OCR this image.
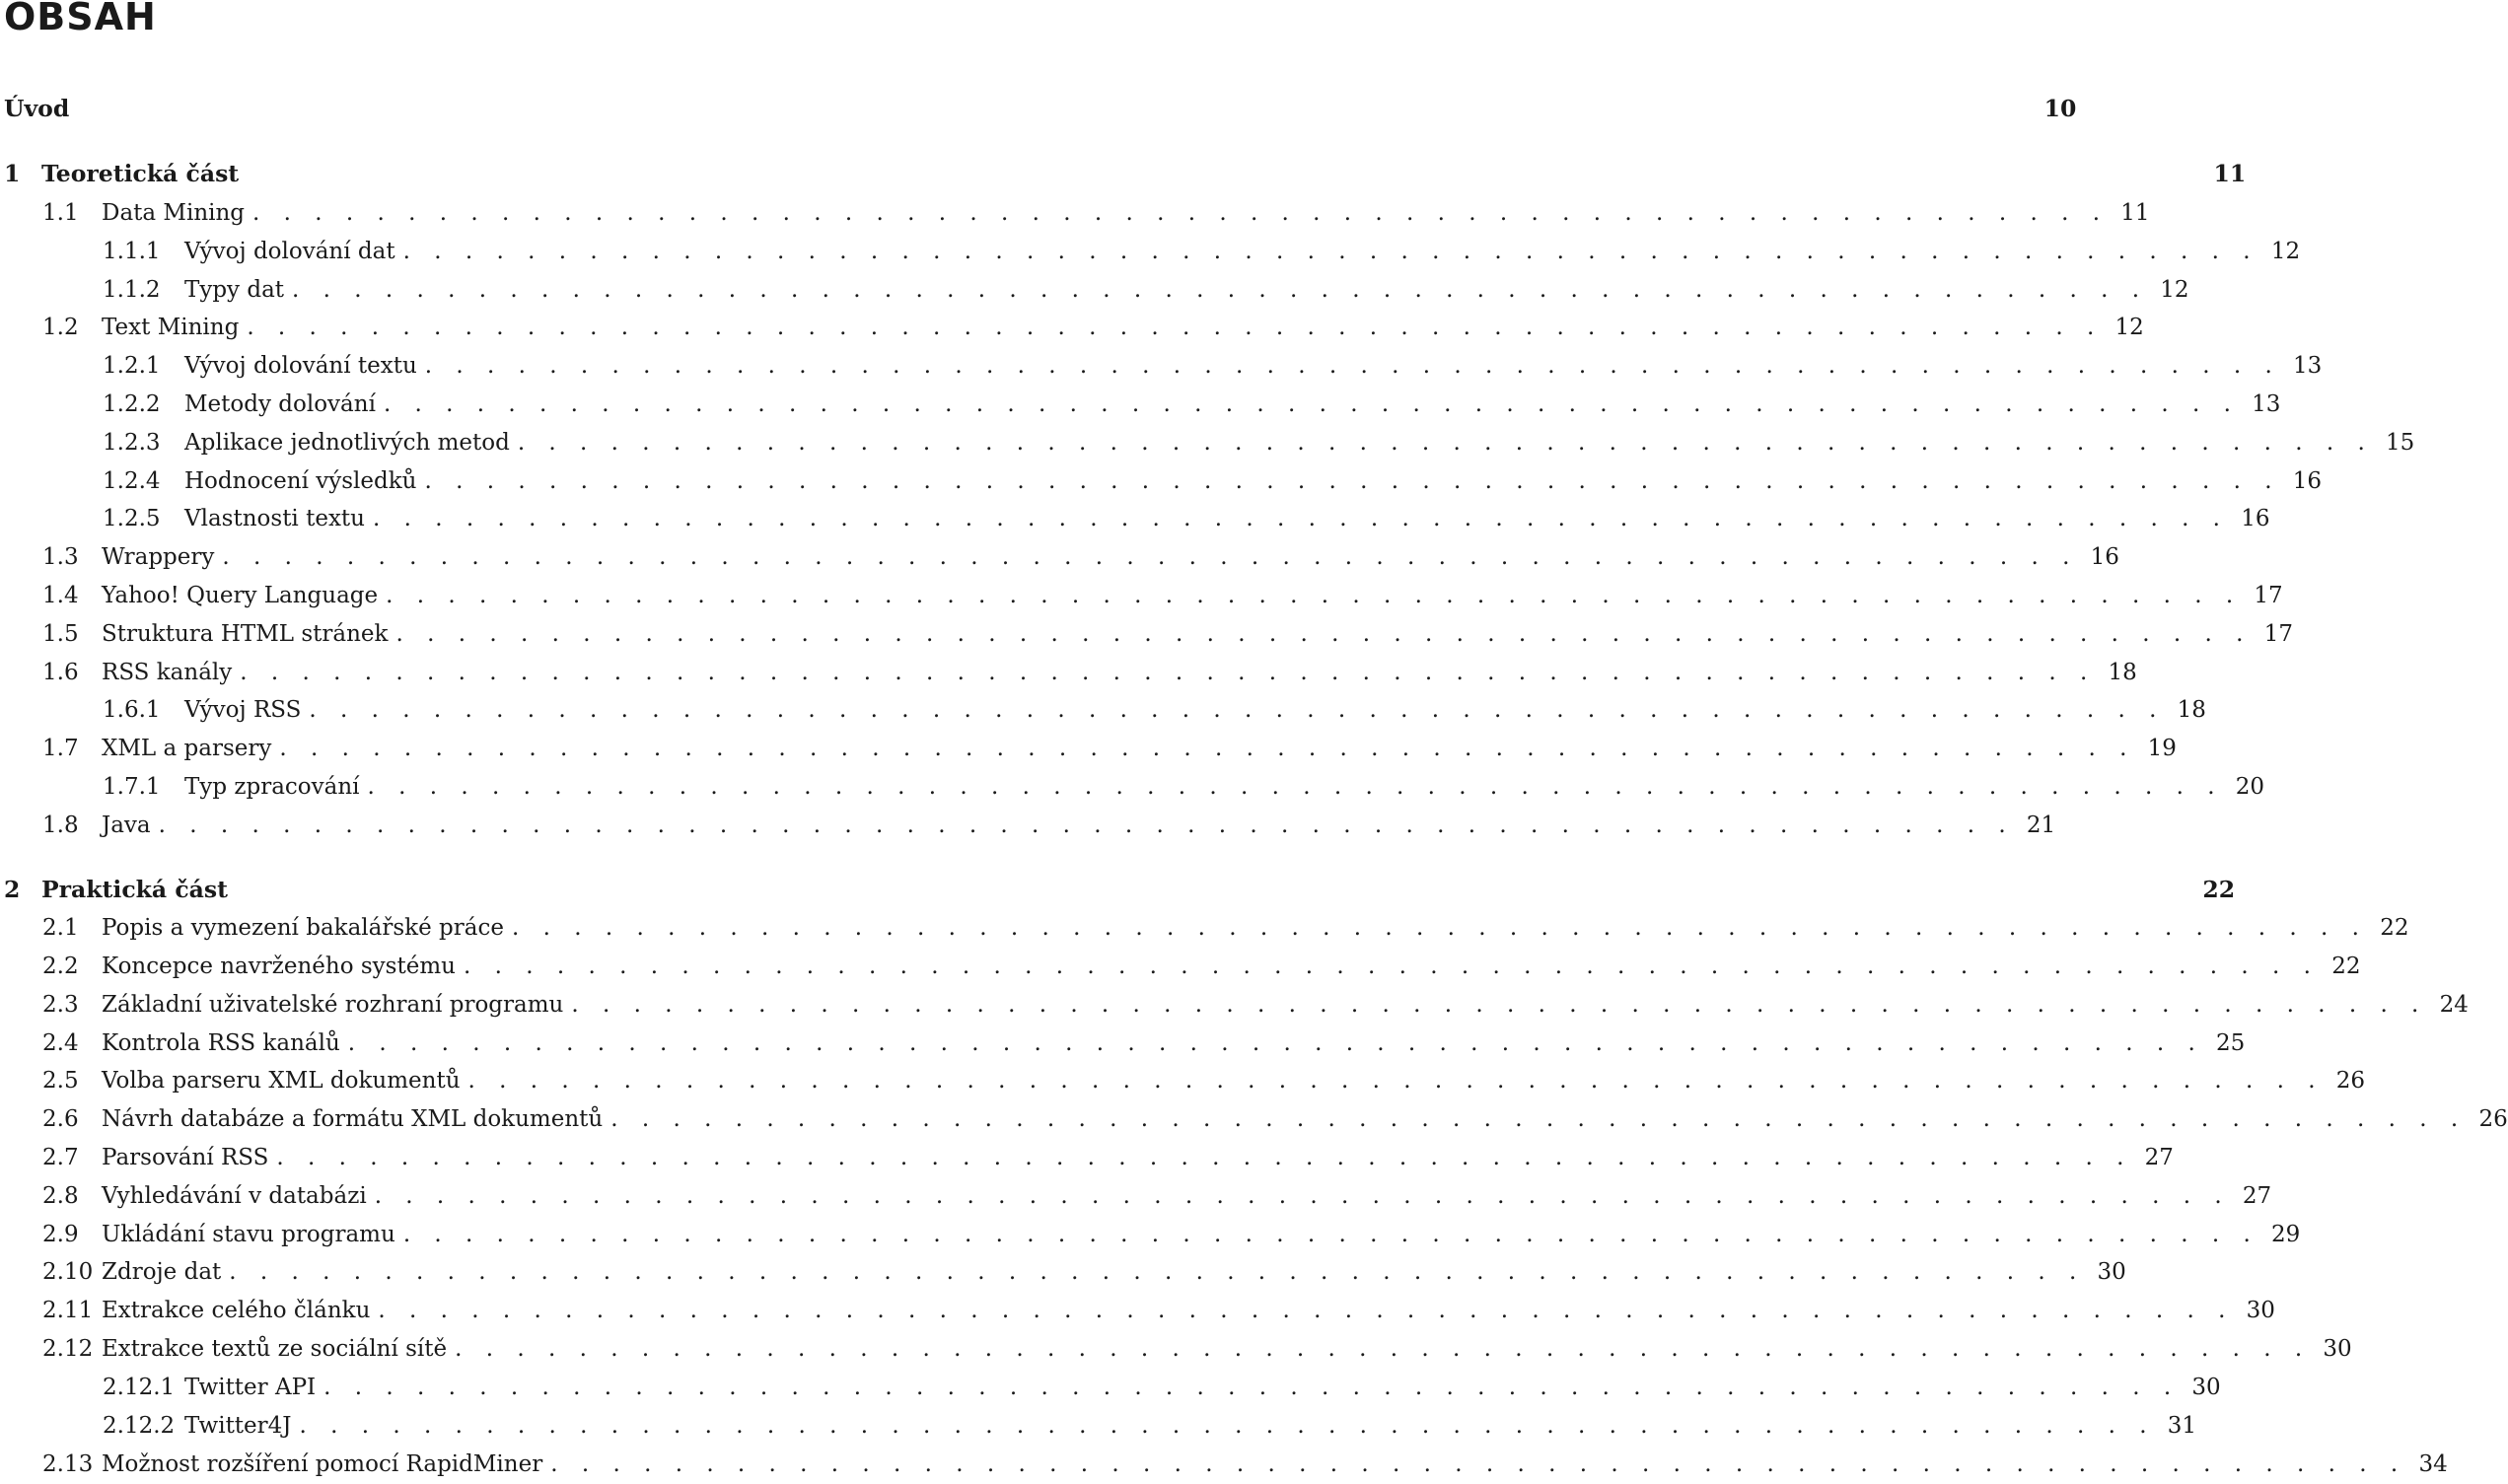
OBSAH
Úvod	10
1 Teoretická část	11
1.1	Data Mining . . . . . . . . . . . . . . . . . . . . . . . . . . . . . . . . . . . . . . . . . . . . . . . . . . . . . . . . . . . . 11
1.1.1	Vývoj dolování dat . . . . . . . . . . . . . . . . . . . . . . . . . . . . . . . . . . . . . . . . . . . . . . . . . . . . . . . . . . . . 12
1.1.2	Typy dat . . . . . . . . . . . . . . . . . . . . . . . . . . . . . . . . . . . . . . . . . . . . . . . . . . . . . . . . . . . . 12
1.2	Text Mining . . . . . . . . . . . . . . . . . . . . . . . . . . . . . . . . . . . . . . . . . . . . . . . . . . . . . . . . . . . . 12
1.2.1	Vývoj dolování textu . . . . . . . . . . . . . . . . . . . . . . . . . . . . . . . . . . . . . . . . . . . . . . . . . . . . . . . . . . . . 13
1.2.2	Metody dolování . . . . . . . . . . . . . . . . . . . . . . . . . . . . . . . . . . . . . . . . . . . . . . . . . . . . . . . . . . . . 13
1.2.3	Aplikace jednotlivých metod . . . . . . . . . . . . . . . . . . . . . . . . . . . . . . . . . . . . . . . . . . . . . . . . . . . . . . . . . . . . 15
1.2.4	Hodnocení výsledků . . . . . . . . . . . . . . . . . . . . . . . . . . . . . . . . . . . . . . . . . . . . . . . . . . . . . . . . . . . . 16
1.2.5	Vlastnosti textu . . . . . . . . . . . . . . . . . . . . . . . . . . . . . . . . . . . . . . . . . . . . . . . . . . . . . . . . . . . . 16
1.3	Wrappery . . . . . . . . . . . . . . . . . . . . . . . . . . . . . . . . . . . . . . . . . . . . . . . . . . . . . . . . . . . . 16
1.4	Yahoo! Query Language . . . . . . . . . . . . . . . . . . . . . . . . . . . . . . . . . . . . . . . . . . . . . . . . . . . . . . . . . . . . 17
1.5	Struktura HTML stránek . . . . . . . . . . . . . . . . . . . . . . . . . . . . . . . . . . . . . . . . . . . . . . . . . . . . . . . . . . . . 17
1.6	RSS kanály . . . . . . . . . . . . . . . . . . . . . . . . . . . . . . . . . . . . . . . . . . . . . . . . . . . . . . . . . . . . 18
1.6.1	Vývoj RSS . . . . . . . . . . . . . . . . . . . . . . . . . . . . . . . . . . . . . . . . . . . . . . . . . . . . . . . . . . . . 18
1.7	XML a parsery . . . . . . . . . . . . . . . . . . . . . . . . . . . . . . . . . . . . . . . . . . . . . . . . . . . . . . . . . . . . 19
1.7.1	Typ zpracování . . . . . . . . . . . . . . . . . . . . . . . . . . . . . . . . . . . . . . . . . . . . . . . . . . . . . . . . . . . . 20
1.8	Java . . . . . . . . . . . . . . . . . . . . . . . . . . . . . . . . . . . . . . . . . . . . . . . . . . . . . . . . . . . . 21
2 Praktická část	22
2.1	Popis a vymezení bakalářské práce . . . . . . . . . . . . . . . . . . . . . . . . . . . . . . . . . . . . . . . . . . . . . . . . . . . . . . . . . . . . 22
2.2	Koncepce navrženého systému . . . . . . . . . . . . . . . . . . . . . . . . . . . . . . . . . . . . . . . . . . . . . . . . . . . . . . . . . . . . 22
2.3	Základní uživatelské rozhraní programu . . . . . . . . . . . . . . . . . . . . . . . . . . . . . . . . . . . . . . . . . . . . . . . . . . . . . . . . . . . . 24
2.4	Kontrola RSS kanálů . . . . . . . . . . . . . . . . . . . . . . . . . . . . . . . . . . . . . . . . . . . . . . . . . . . . . . . . . . . . 25
2.5	Volba parseru XML dokumentů . . . . . . . . . . . . . . . . . . . . . . . . . . . . . . . . . . . . . . . . . . . . . . . . . . . . . . . . . . . . 26
2.6	Návrh databáze a formátu XML dokumentů . . . . . . . . . . . . . . . . . . . . . . . . . . . . . . . . . . . . . . . . . . . . . . . . . . . . . . . . . . . . 26
2.7	Parsování RSS . . . . . . . . . . . . . . . . . . . . . . . . . . . . . . . . . . . . . . . . . . . . . . . . . . . . . . . . . . . . 27
2.8	Vyhledávání v databázi . . . . . . . . . . . . . . . . . . . . . . . . . . . . . . . . . . . . . . . . . . . . . . . . . . . . . . . . . . . . 27
2.9	Ukládání stavu programu . . . . . . . . . . . . . . . . . . . . . . . . . . . . . . . . . . . . . . . . . . . . . . . . . . . . . . . . . . . . 29
2.10 Zdroje dat . . . . . . . . . . . . . . . . . . . . . . . . . . . . . . . . . . . . . . . . . . . . . . . . . . . . . . . . . . . . 30
2.11 Extrakce celého článku . . . . . . . . . . . . . . . . . . . . . . . . . . . . . . . . . . . . . . . . . . . . . . . . . . . . . . . . . . . . 30
2.12 Extrakce textů ze sociální sítě . . . . . . . . . . . . . . . . . . . . . . . . . . . . . . . . . . . . . . . . . . . . . . . . . . . . . . . . . . . . 30
2.12.1 Twitter API . . . . . . . . . . . . . . . . . . . . . . . . . . . . . . . . . . . . . . . . . . . . . . . . . . . . . . . . . . . . 30
2.12.2 Twitter4J . . . . . . . . . . . . . . . . . . . . . . . . . . . . . . . . . . . . . . . . . . . . . . . . . . . . . . . . . . . . 31
2.13 Možnost rozšíření pomocí RapidMiner . . . . . . . . . . . . . . . . . . . . . . . . . . . . . . . . . . . . . . . . . . . . . . . . . . . . . . . . . . . . 34
